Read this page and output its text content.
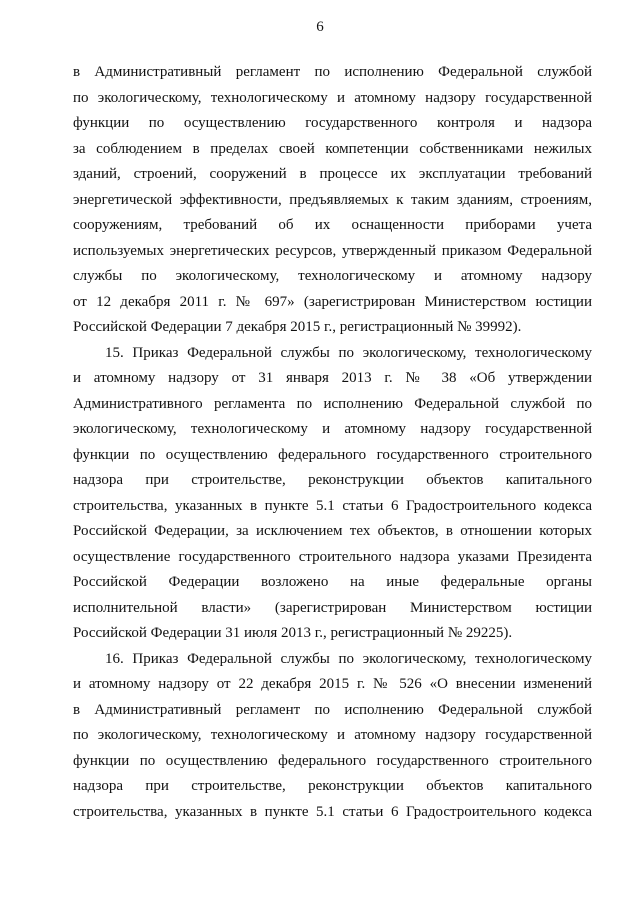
6
в Административный регламент по исполнению Федеральной службой
по экологическому, технологическому и атомному надзору государственной
функции по осуществлению государственного контроля и надзора
за соблюдением в пределах своей компетенции собственниками нежилых
зданий, строений, сооружений в процессе их эксплуатации требований
энергетической эффективности, предъявляемых к таким зданиям, строениям,
сооружениям, требований об их оснащенности приборами учета
используемых энергетических ресурсов, утвержденный приказом Федеральной
службы по экологическому, технологическому и атомному надзору
от 12 декабря 2011 г. № 697» (зарегистрирован Министерством юстиции
Российской Федерации 7 декабря 2015 г., регистрационный № 39992).
15. Приказ Федеральной службы по экологическому, технологическому
и атомному надзору от 31 января 2013 г. № 38 «Об утверждении
Административного регламента по исполнению Федеральной службой по
экологическому, технологическому и атомному надзору государственной
функции по осуществлению федерального государственного строительного
надзора при строительстве, реконструкции объектов капитального
строительства, указанных в пункте 5.1 статьи 6 Градостроительного кодекса
Российской Федерации, за исключением тех объектов, в отношении которых
осуществление государственного строительного надзора указами Президента
Российской Федерации возложено на иные федеральные органы
исполнительной власти» (зарегистрирован Министерством юстиции
Российской Федерации 31 июля 2013 г., регистрационный № 29225).
16. Приказ Федеральной службы по экологическому, технологическому
и атомному надзору от 22 декабря 2015 г. № 526 «О внесении изменений
в Административный регламент по исполнению Федеральной службой
по экологическому, технологическому и атомному надзору государственной
функции по осуществлению федерального государственного строительного
надзора при строительстве, реконструкции объектов капитального
строительства, указанных в пункте 5.1 статьи 6 Градостроительного кодекса
